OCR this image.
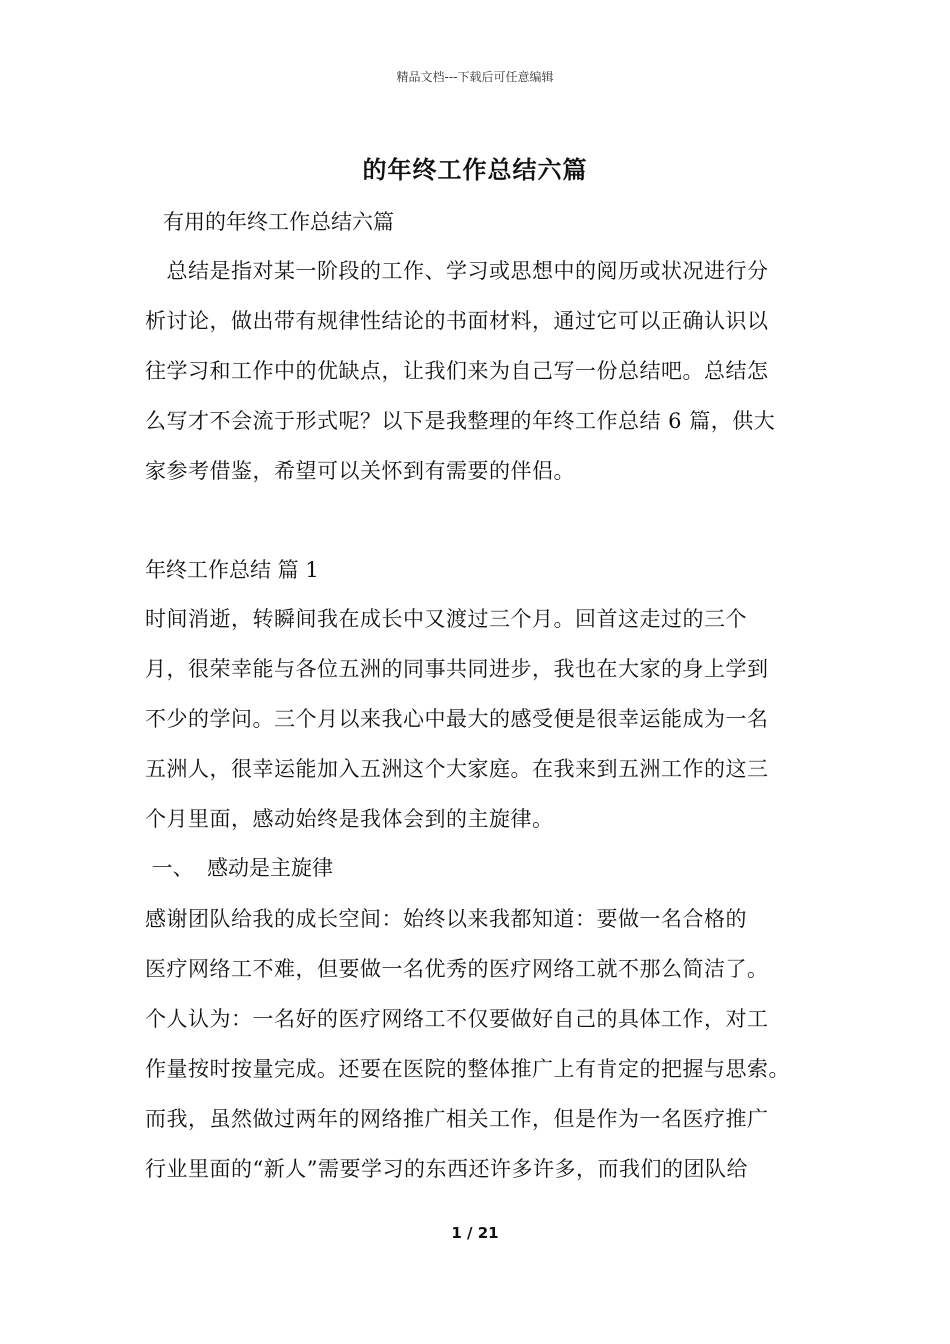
精品文档---下载后可任意编辑
的年终工作总结六篇
有用的年终工作总结六篇
　总结是指对某一阶段的工作、学习或思想中的阅历或状况进行分
析讨论，做出带有规律性结论的书面材料，通过它可以正确认识以
往学习和工作中的优缺点，让我们来为自己写一份总结吧。总结怎
么写才不会流于形式呢？以下是我整理的年终工作总结 6 篇，供大
家参考借鉴，希望可以关怀到有需要的伴侣。
年终工作总结 篇 1
时间消逝，转瞬间我在成长中又渡过三个月。回首这走过的三个
月，很荣幸能与各位五洲的同事共同进步，我也在大家的身上学到
不少的学问。三个月以来我心中最大的感受便是很幸运能成为一名
五洲人，很幸运能加入五洲这个大家庭。在我来到五洲工作的这三
个月里面，感动始终是我体会到的主旋律。
一、  感动是主旋律
感谢团队给我的成长空间：始终以来我都知道：要做一名合格的
医疗网络工不难，但要做一名优秀的医疗网络工就不那么简洁了。
个人认为：一名好的医疗网络工不仅要做好自己的具体工作，对工
作量按时按量完成。还要在医院的整体推广上有肯定的把握与思索。
而我，虽然做过两年的网络推广相关工作，但是作为一名医疗推广
行业里面的“新人”需要学习的东西还许多许多，而我们的团队给
1 / 21
